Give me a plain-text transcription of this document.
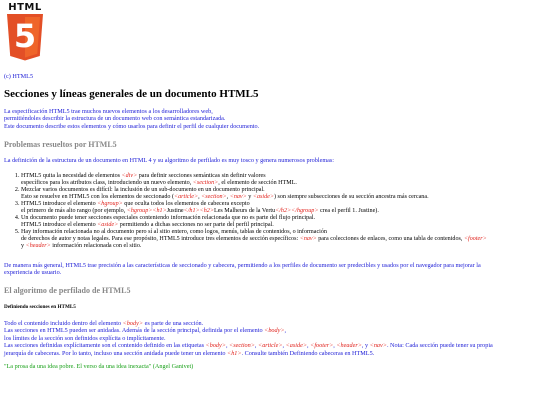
HTML
5
(c) HTML5
Secciones y líneas generales de un documento HTML5
La especificación HTML5 trae muchos nuevos elementos a los desarrolladores web,
permitiéndoles describir la estructura de un documento web con semántica estandarizada.
Este documento describe estos elementos y cómo usarlos para definir el perfil de cualquier documento.
Problemas resueltos por HTML5
La definición de la estructura de un documento en HTML 4 y su algoritmo de perfilado es muy tosco y genera numerosos problemas:
1. HTML5 quita la necesidad de elementos <div> para definir secciones semánticas sin definir valores
específicos para los atributos class, introduciendo un nuevo elemento, <section>, el elemento de sección HTML.
2. Mezclar varios documentos es difícil: la inclusión de un sub-documento en un documento principal.
Esto se resuelve en HTML5 con los elementos de seccionado (<article>, <section>, <nav> y <aside>) son siempre subsecciones de su sección ancestra más cercana.
3. HTML5 introduce el elemento <hgroup> que oculta todos los elementos de cabecera excepto
el primero de más alto rango (por ejemplo, <hgroup><h1>Justine</h1><h2>Les Malheurs de la Vertu</h2></hgroup> crea el perfil 1. Justine).
4. Un documento puede tener secciones especiales conteniendo información relacionada que no es parte del flujo principal.
HTML5 introduce el elemento <aside> permitiendo a dichas secciones no ser parte del perfil principal.
5. Hay información relacionada no al documento pero sí al sitio entero, como logos, menús, tablas de contenidos, o información
de derechos de autor y notas legales. Para ese propósito, HTML5 introduce tres elementos de sección específicos: <nav> para colecciones de enlaces, como una tabla de contenidos, <footer>
y <header> información relacionada con el sitio.
De manera más general, HTML5 trae precisión a las características de seccionado y cabecera, permitiendo a los perfiles de documento ser predecibles y usados por el navegador para mejorar la
experiencia de usuario.
El algoritmo de perfilado de HTML5
Definiendo secciones en HTML5
Todo el contenido incluido dentro del elemento <body> es parte de una sección.
Las secciones en HTML5 pueden ser anidadas. Además de la sección principal, definida por el elemento <body>,
los límites de la sección son definidos explícita o implícitamente.
Las secciones definidas explícitamente son el contenido definido en las etiquetas <body>, <section>, <article>, <aside>, <footer>, <header>, y <nav>. Nota: Cada sección puede tener su propia
jerarquía de cabeceras. Por lo tanto, incluso una sección anidada puede tener un elemento <h1>. Consulte también Definiendo cabeceras en HTML5.
"La prosa da una idea pobre. El verso da una idea inexacta" (Angel Ganivet)
